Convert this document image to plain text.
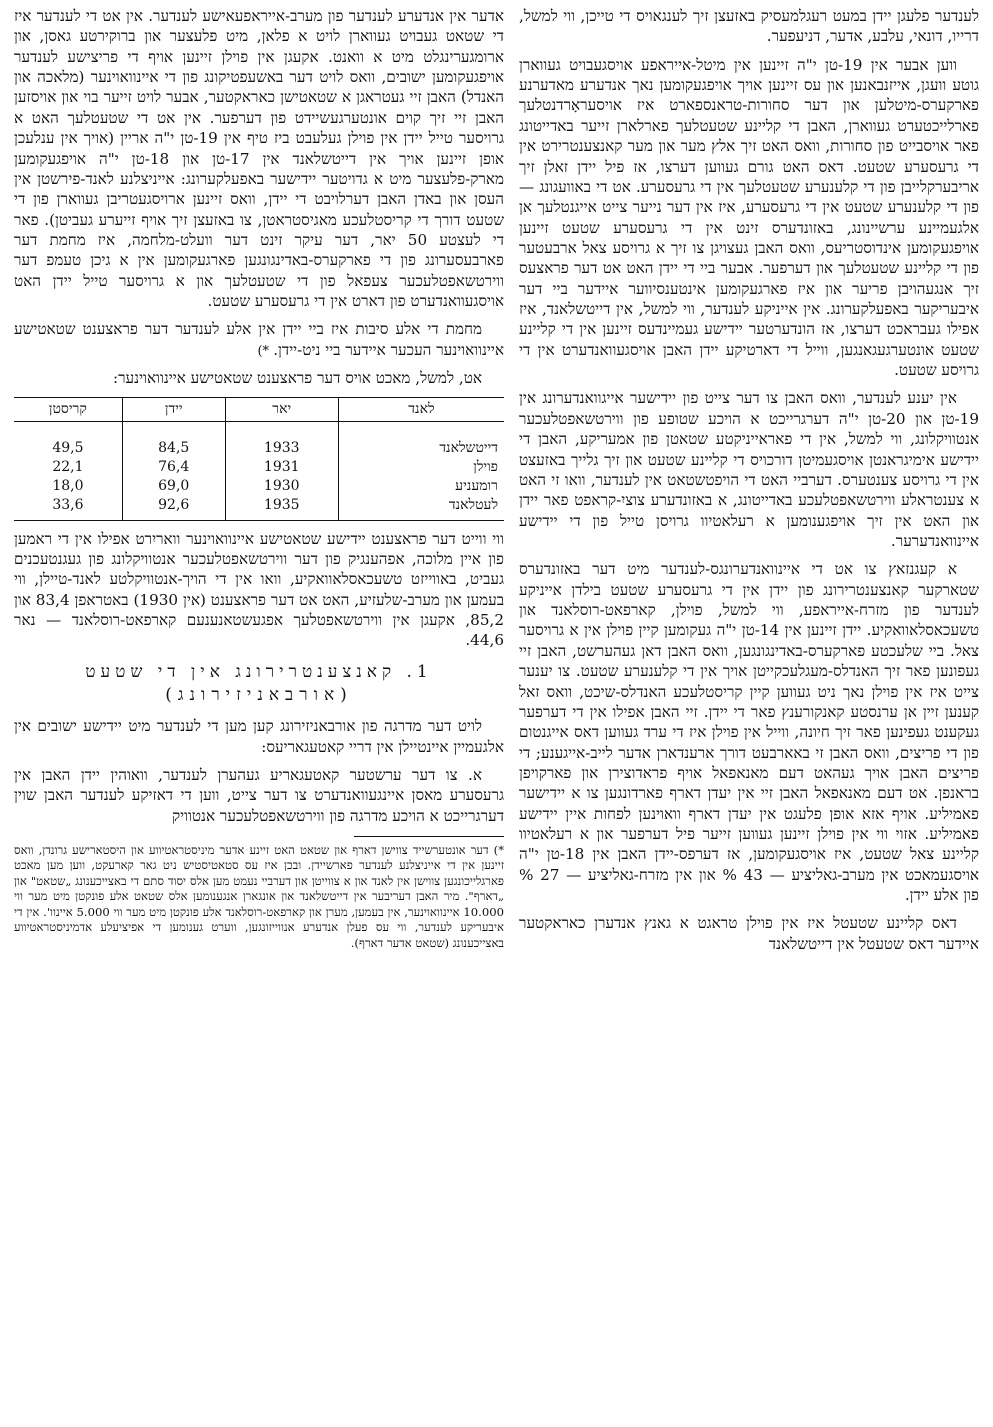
לענדער פלעגן יידן במעט רעגלמעסיק באזעצן זיך לענגאויס די טייכן, ווי למשל, דרייו, דונאי, עלבע, אדער, דניעפער.

ווען אבער אין 19-טן י"ה זיינען אין מיטל-אייראפע אויסגעבויט געווארן גוטע וועגן, אייזנבאנען און עס זיינען אויך אויפגעקומען נאך אנדערע מאדערנע פארקערס-מיטלען און דער סחורות-טראנספארט איז אויסעראָרדנטלעך פארלייכטערט געווארן, האבן די קליינע שטעטלעך פארלארן זייער באדייטונג פאר אויסבייט פון סחורות, וואס האט זיך אלץ מער און מער קאנצענטרירט אין די גרעסערע שטעט. דאס האט גורם געווען דערצו, אז פיל יידן זאלן זיך אריבערקלייבן פון די קלענערע שטעטלעך אין די גרעסערע. אט די באוועגונג — פון די קלענערע שטעט אין די גרעסערע, איז אין דער נייער צייט אייגנטלעך אן אלגעמיינע ערשיינונג, באזונדערס זינט אין די גרעסערע שטעט זיינען אויפגעקומען אינדוסטריעס, וואס האבן געצויגן צו זיך א גרויסע צאל ארבעטער פון די קליינע שטעטלעך און דערפער. אבער ביי די יידן האט אט דער פראצעס זיך אנגעהויבן פריער און איז פארגעקומען אינטענסיווער איידער ביי דער איבעריקער באפעלקערונג. אין אייניקע לענדער, ווי למשל, אין דייטשלאנד, איז אפילו געבראכט דערצו, אז הונדערטער יידישע געמיינדעס זיינען אין די קליינע שטעט אונטערגעגאנגען, ווייל די דארטיקע יידן האבן אויסגעוואנדערט אין די גרויסע שטעט.

אין יענע לענדער, וואס האבן צו דער צייט פון יידישער אייגוואנדערונג אין 19-טן און 20-טן י"ה דערגרייכט א הויכע שטופע פון ווירטשאפטלעכער אנטוויקלונג, ווי למשל, אין די פאראייניקטע שטאטן פון אמעריקע, האבן די יידישע אימיגראנטן אויסגעמיטן דורכויס די קליינע שטעט און זיך גלייך באזעצט אין די גרויסע צענטערס. דערביי האט די הויפטשטאט אין לענדער, וואו זי האט א צענטראלע ווירטשאפטלעכע באדייטונג, א באזונדערע צוציִ-קראפט פאר יידן און האט אין זיך אויפגענומען א רעלאטיוו גרויסן טייל פון די יידישע איינוואנדערער.

א קעגנזאץ צו אט די איינוואנדערונגס-לענדער מיט דער באזונדערס שטארקער קאנצענטרירונג פון יידן אין די גרעסערע שטעט בילדן אייניקע לענדער פון מזרח-אייראפע, ווי למשל, פוילן, קארפאט-רוסלאנד און טשעכאסלאוואקיע. יידן זיינען אין 14-טן י"ה געקומען קיין פוילן אין א גרויסער צאל. ביי שלעכטע פארקערס-באדינגונגען, וואס האבן דאן געהערשט, האבן זיי געפונען פאר זיך האנדלס-מעגלעכקייטן אויך אין די קלענערע שטעט. צו יענער צייט איז אין פוילן נאך ניט געווען קיין קריסטלעכע האנדלס-שיכט, וואס זאל קענען זיין אן ערנסטע קאנקורענץ פאר די יידן. זיי האבן אפילו אין די דערפער געקענט געפינען פאר זיך חיונה, ווייל אין פוילן איז די ערד געווען דאס אייגנטום פון די פריצים, וואס האבן זי באארבעט דורך ארענדארן אדער לייב-אייגענע; די פריצים האבן אויך געהאט דעם מאנאפאל אויף פראדוצירן און פארקויפן בראנפן. אט דעם מאנאפאל האבן זיי אין יעדן דארף פארדונגען צו א יידישער פאמיליע. אויף אזא אופן פלעגט אין יעדן דארף וואוינען לפחות איין יידישע פאמיליע. אזוי ווי אין פוילן זיינען געווען זייער פיל דערפער און א רעלאטיוו קליינע צאל שטעט, איז אויסגעקומען, אז דערפס-יידן האבן אין 18-טן י"ה אויסגעמאכט אין מערב-גאליציע — 43 % און אין מזרח-גאליציע — 27 % פון אלע יידן.

דאס קליינע שטעטל איז אין פוילן טראגט א גאנץ אנדערן כאראקטער איידער דאס שטעטל אין דייטשלאנד

אדער אין אנדערע לענדער פון מערב-אייראפעאישע לענדער. אין אט די לענדער איז די שטאט געבויט געווארן לויט א פלאן, מיט פלעצער און ברוקירטע גאסן, און ארומגערינגלט מיט א וואנט. אקעגן אין פוילן זיינען אויף די פריצישע לענדער אויפגעקומען ישובים, וואס לויט דער באשעפטיקונג פון די איינוואוינער (מלאכה און האנדל) האבן זיי געטראגן א שטאטישן כאראקטער, אבער לויט זייער בוי און אויסזען האבן זיי זיך קוים אונטערגעשיידט פון דערפער. אין אט די שטעטלעך האט א גרויסער טייל יידן אין פוילן געלעבט ביז טיף אין 19-טן י"ה אריין (אויך אין ענלעכן אופן זיינען אויך אין דייטשלאנד אין 17-טן און 18-טן י"ה אויפגעקומען מארק-פלעצער מיט א גדויטער יידישער באפעלקערונג: אייניצלנע לאנד-פירשטן אין העסן און באדן האבן דערלויבט די יידן, וואס זיינען ארויסגעטריבן געווארן פון די שטעט דורך די קריסטלעכע מאגיסטראטן, צו באזעצן זיך אויף זייערע געביטן). פאר די לעצטע 50 יאר, דער עיקר זינט דער וועלט-מלחמה, איז מחמת דער פארבעסערונג פון די פארקערס-באדינגונגען פארגעקומען אין א גיכן טעמפ דער ווירטשאפטלעכער צעפאל פון די שטעטלעך און א גרויסער טייל יידן האט אויסגעוואנדערט פון דארט אין די גרעסערע שטעט.

מחמת די אלע סיבות איז ביי יידן אין אלע לענדער דער פראצענט שטאטישע איינוואוינער העכער איידער ביי ניט-יידן. *)

אט, למשל, מאכט אויס דער פראצענט שטאטישע איינוואוינער:

לאנד	יאר	יידן	קריסטן
דייטשלאנד	1933	84,5	49,5
פוילן	1931	76,4	22,1
רומעניע	1930	69,0	18,0
לעטלאנד	1935	92,6	33,6

ווי ווייט דער פראצענט יידישע שטאטישע איינוואוינער וואריִרט אפילו אין די ראמען פון איין מלוכה, אפהענגיק פון דער ווירטשאפטלעכער אנטוויקלונג פון געגנטעכנים געביט, באווייזט טשעכאסלאוואקיע, וואו אין די הויך-אנטוויקלטע לאנד-טיילן, ווי בעמען און מערב-שלעזיע, האט אט דער פראצענט (אין 1930) באטראפן 83,4 און 85,2, אקעגן אין ווירטשאפטלעך אפגעשטאנענעם קארפאט-רוסלאנד — נאר 44,6.

1. קאנצענטרירונג אין די שטעט
(אורבאניזירונג)

לויט דער מדרגה פון אורבאניזירונג קען מען די לענדער מיט יידישע ישובים אין אלגעמיין איינטיילן אין דריי קאטעגאריעס:

א. צו דער ערשטער קאטעגאריע געהערן לענדער, וואוהין יידן האבן אין גרעסערע מאסן איינגעוואנדערט צו דער צייט, ווען די דאזיקע לענדער האבן שוין דערגרייכט א הויכע מדרגה פון ווירטשאפטלעכער אנטוויק

*) דער אונטערשייד צווישן דארף און שטאט האט זיינע אדער מיניסטראטיווע און היסטארישע גרונדן, וואס זיינען אין די אייניצלנע לענדער פארשיידן. ובכן איז עס סטאטיסטיש ניט גאר קארעקט, ווען מען מאכט פארגלייכונגען צווישן אין לאנד און א צווייטן און דערביי נעמט מען אלס יסוד סתם די באצייכענונג „שטאט" און „דארף". מיר האבן דעריבער אין דייטשלאנד און אונגארן אנגענומען אלס שטאט אלע פונקטן מיט מער ווי 10.000 איינוואוינער, אין בעמען, מערן און קארפאט-רוסלאנד אלע פונקטן מיט מער ווי 5.000 איינוו'. אין די איבעריקע לענדער, ווי עס פעלן אנדערע אנווייזונגען, ווערט גענומען די אפיציעלע אדמיניסטראטיווע באצייכענונג (שטאט אדער דארף).
